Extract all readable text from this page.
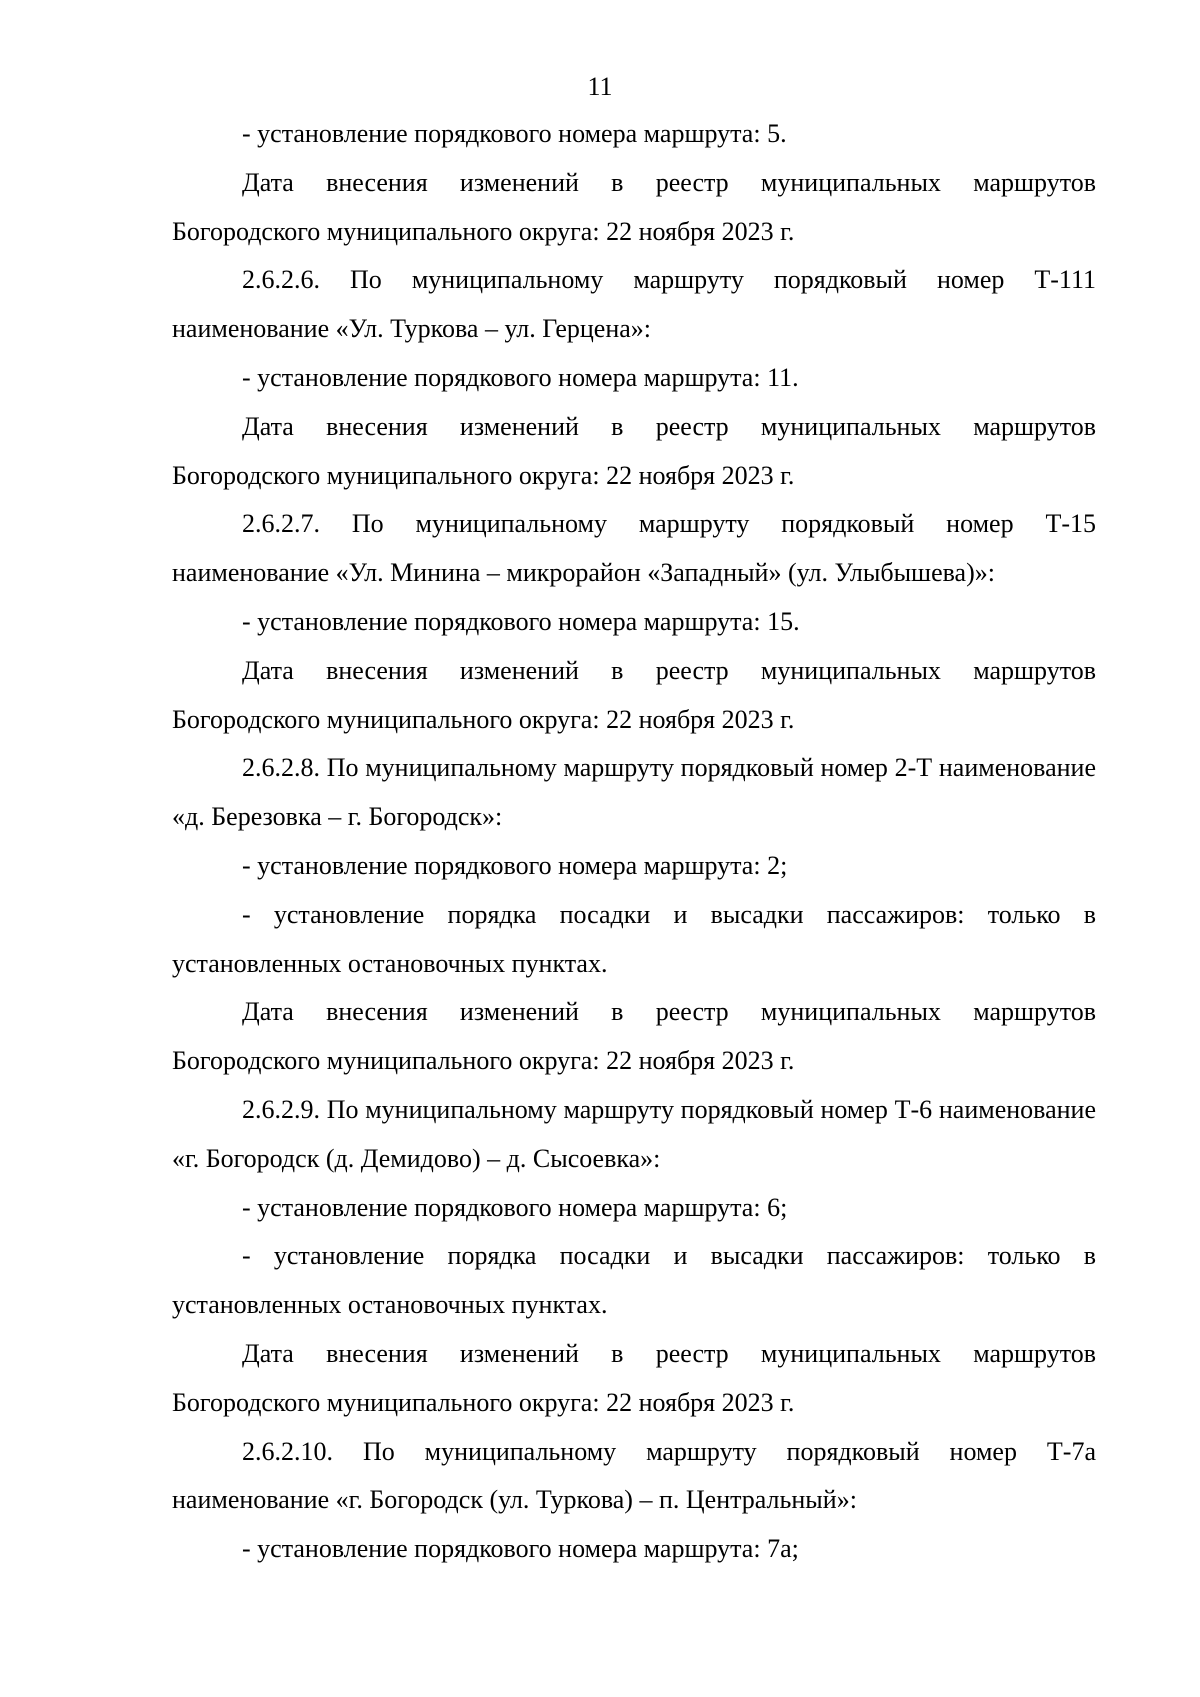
11

- установление порядкового номера маршрута: 5.

Дата внесения изменений в реестр муниципальных маршрутов Богородского муниципального округа: 22 ноября 2023 г.

2.6.2.6. По муниципальному маршруту порядковый номер Т-111 наименование «Ул. Туркова – ул. Герцена»:

- установление порядкового номера маршрута: 11.

Дата внесения изменений в реестр муниципальных маршрутов Богородского муниципального округа: 22 ноября 2023 г.

2.6.2.7. По муниципальному маршруту порядковый номер Т-15 наименование «Ул. Минина – микрорайон «Западный» (ул. Улыбышева)»:

- установление порядкового номера маршрута: 15.

Дата внесения изменений в реестр муниципальных маршрутов Богородского муниципального округа: 22 ноября 2023 г.

2.6.2.8. По муниципальному маршруту порядковый номер 2-Т наименование «д. Березовка – г. Богородск»:

- установление порядкового номера маршрута: 2;

- установление порядка посадки и высадки пассажиров: только в установленных остановочных пунктах.

Дата внесения изменений в реестр муниципальных маршрутов Богородского муниципального округа: 22 ноября 2023 г.

2.6.2.9. По муниципальному маршруту порядковый номер Т-6 наименование «г. Богородск (д. Демидово) – д. Сысоевка»:

- установление порядкового номера маршрута: 6;

- установление порядка посадки и высадки пассажиров: только в установленных остановочных пунктах.

Дата внесения изменений в реестр муниципальных маршрутов Богородского муниципального округа: 22 ноября 2023 г.

2.6.2.10. По муниципальному маршруту порядковый номер Т-7а наименование «г. Богородск (ул. Туркова) – п. Центральный»:

- установление порядкового номера маршрута: 7а;
